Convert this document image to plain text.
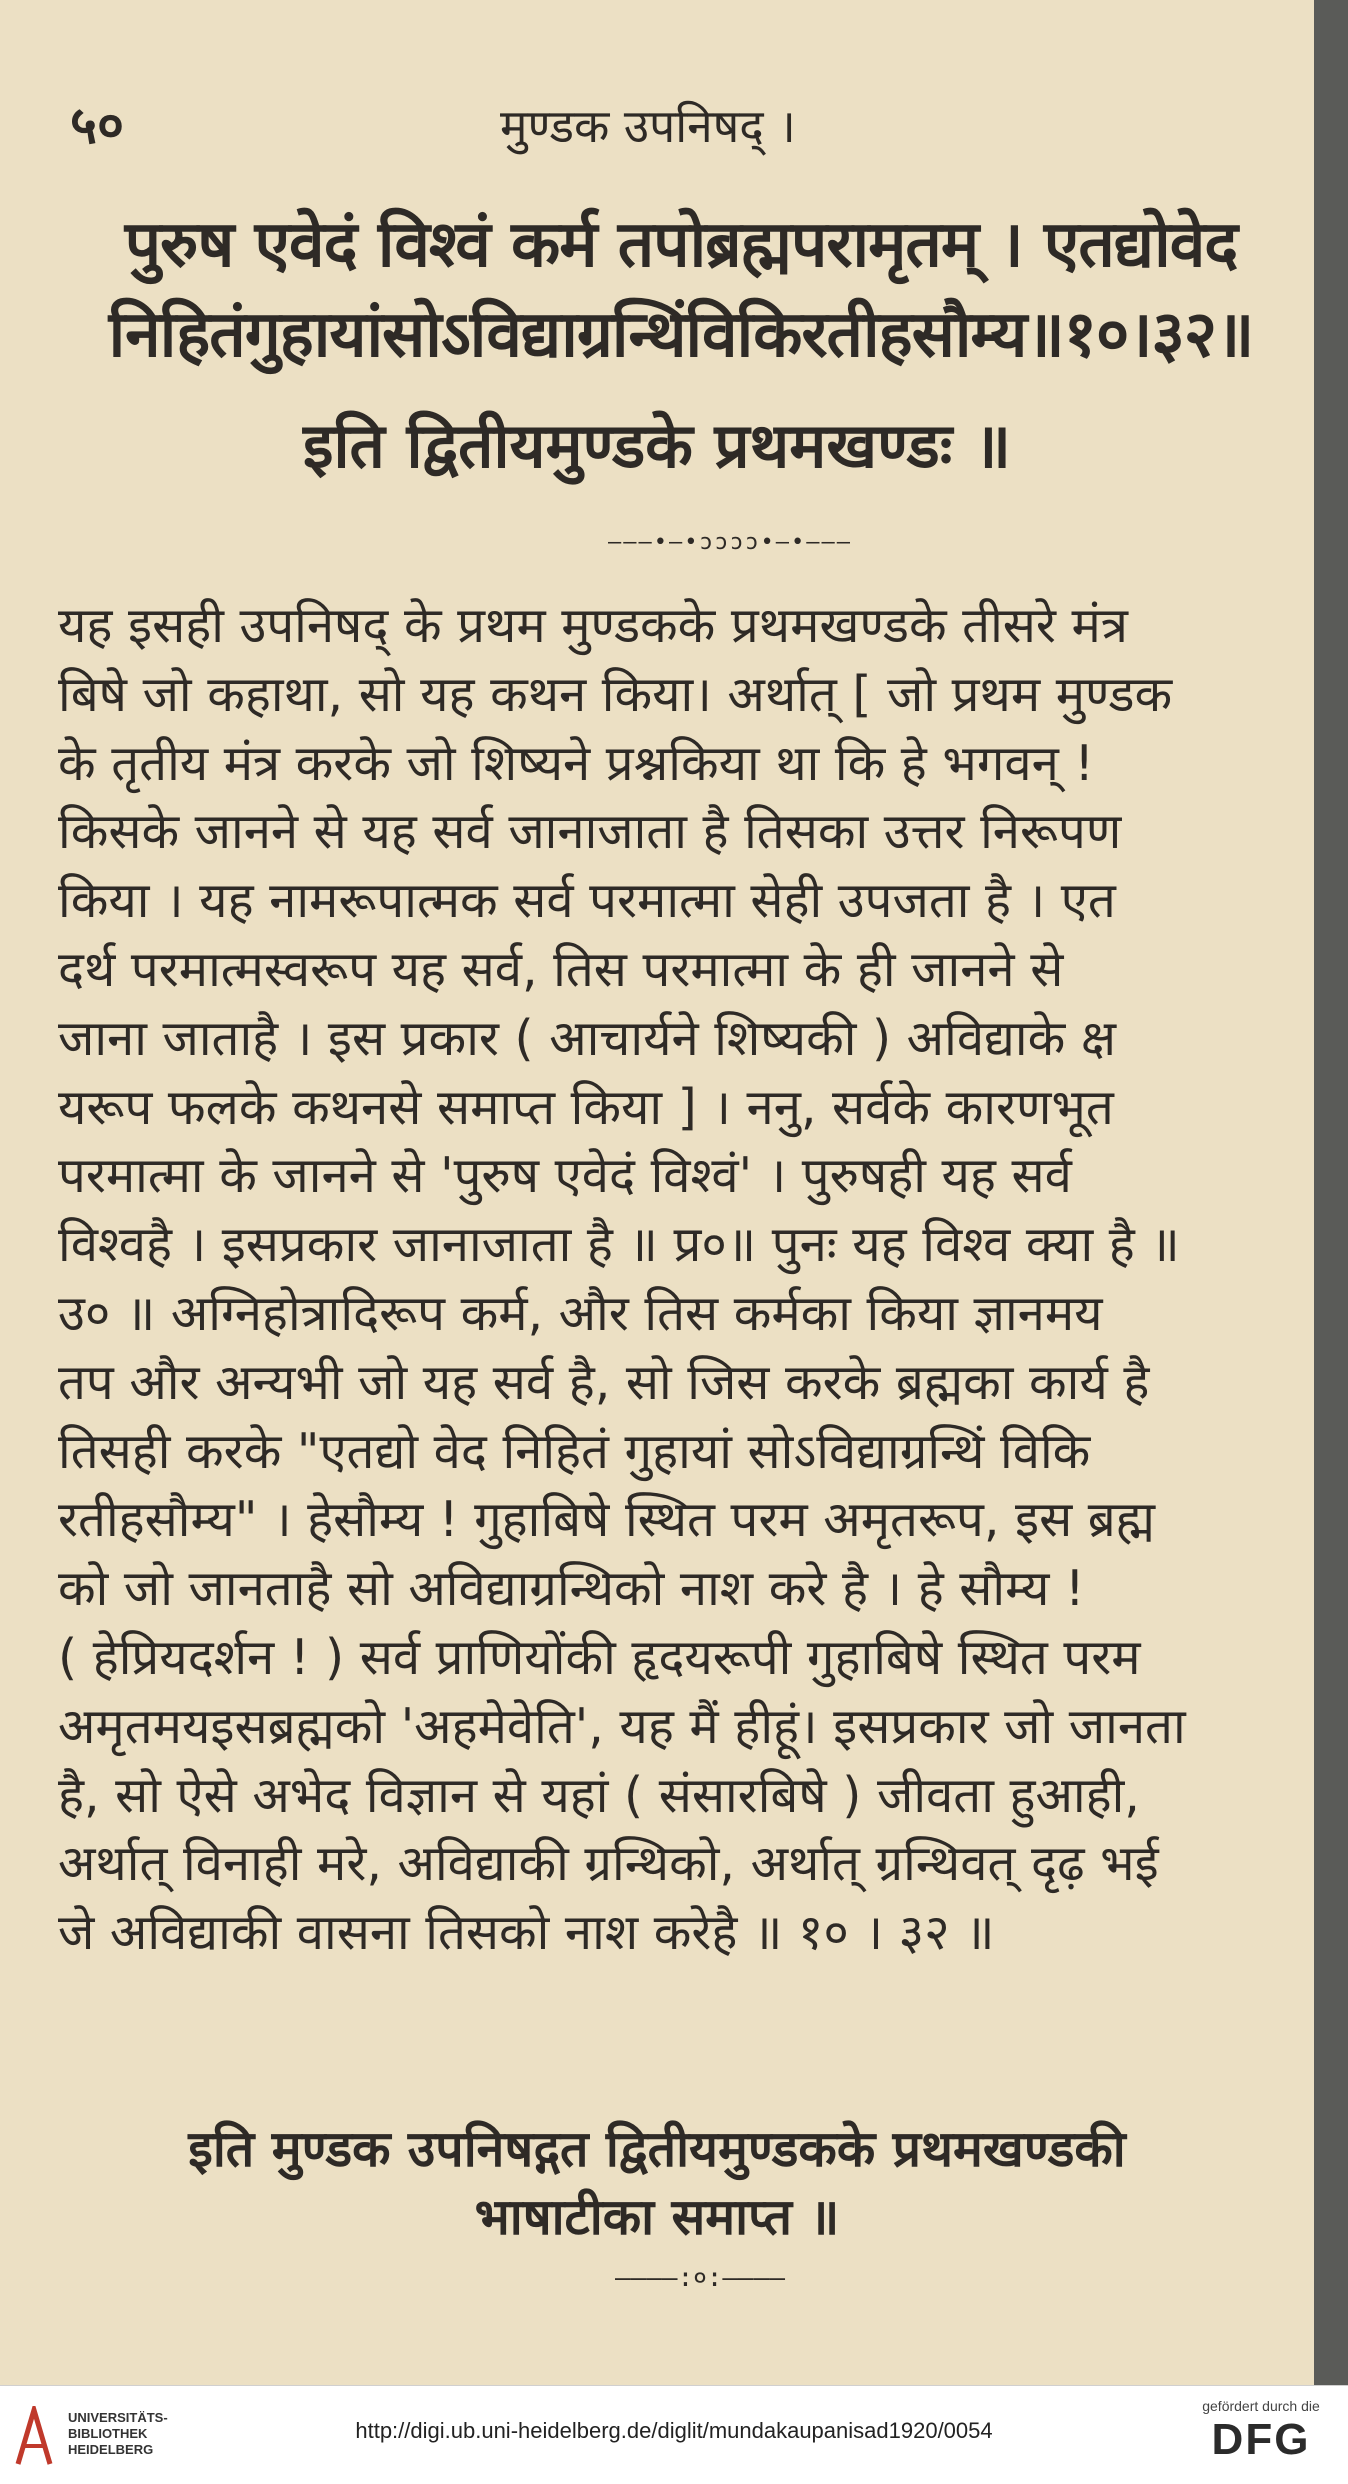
५०	मुण्डक उपनिषद् ।
पुरुष एवेदं विश्वं कर्म तपोब्रह्मपरामृतम् । एतद्योवेद
निहितंगुहायांसोऽविद्याग्रन्थिंविकिरतीहसौम्य॥१०।३२॥
इति द्वितीयमुण्डके प्रथमखण्डः ॥
———•—•ɔɔɔɔ•—•———
यह इसही उपनिषद् के प्रथम मुण्डकके प्रथमखण्डके तीसरे मंत्र
बिषे जो कहाथा, सो यह कथन किया। अर्थात् [ जो प्रथम मुण्डक
के तृतीय मंत्र करके जो शिष्यने प्रश्नकिया था कि हे भगवन् !
किसके जानने से यह सर्व जानाजाता है तिसका उत्तर निरूपण
किया । यह नामरूपात्मक सर्व परमात्मा सेही उपजता है । एत
दर्थ परमात्मस्वरूप यह सर्व, तिस परमात्मा के ही जानने से
जाना जाताहै । इस प्रकार ( आचार्यने शिष्यकी ) अविद्याके क्ष
यरूप फलके कथनसे समाप्त किया ] । ननु, सर्वके कारणभूत
परमात्मा के जानने से 'पुरुष एवेदं विश्वं' । पुरुषही यह सर्व
विश्वहै । इसप्रकार जानाजाता है ॥ प्र०॥ पुनः यह विश्व क्या है ॥
उ० ॥ अग्निहोत्रादिरूप कर्म, और तिस कर्मका किया ज्ञानमय
तप और अन्यभी जो यह सर्व है, सो जिस करके ब्रह्मका कार्य है
तिसही करके "एतद्यो वेद निहितं गुहायां सोऽविद्याग्रन्थिं विकि
रतीहसौम्य" । हेसौम्य ! गुहाबिषे स्थित परम अमृतरूप, इस ब्रह्म
को जो जानताहै सो अविद्याग्रन्थिको नाश करे है । हे सौम्य !
( हेप्रियदर्शन ! ) सर्व प्राणियोंकी हृदयरूपी गुहाबिषे स्थित परम
अमृतमयइसब्रह्मको 'अहमेवेति', यह मैं हीहूं। इसप्रकार जो जानता
है, सो ऐसे अभेद विज्ञान से यहां ( संसारबिषे ) जीवता हुआही,
अर्थात् विनाही मरे, अविद्याकी ग्रन्थिको, अर्थात् ग्रन्थिवत् दृढ़ भई
जे अविद्याकी वासना तिसको नाश करेहै ॥ १० । ३२ ॥
इति मुण्डक उपनिषद्गत द्वितीयमुण्डकके प्रथमखण्डकी
भाषाटीका समाप्त ॥
————:०:————
UNIVERSITÄTS-
BIBLIOTHEK
HEIDELBERG
http://digi.ub.uni-heidelberg.de/diglit/mundakaupanisad1920/0054
gefördert durch die
DFG
